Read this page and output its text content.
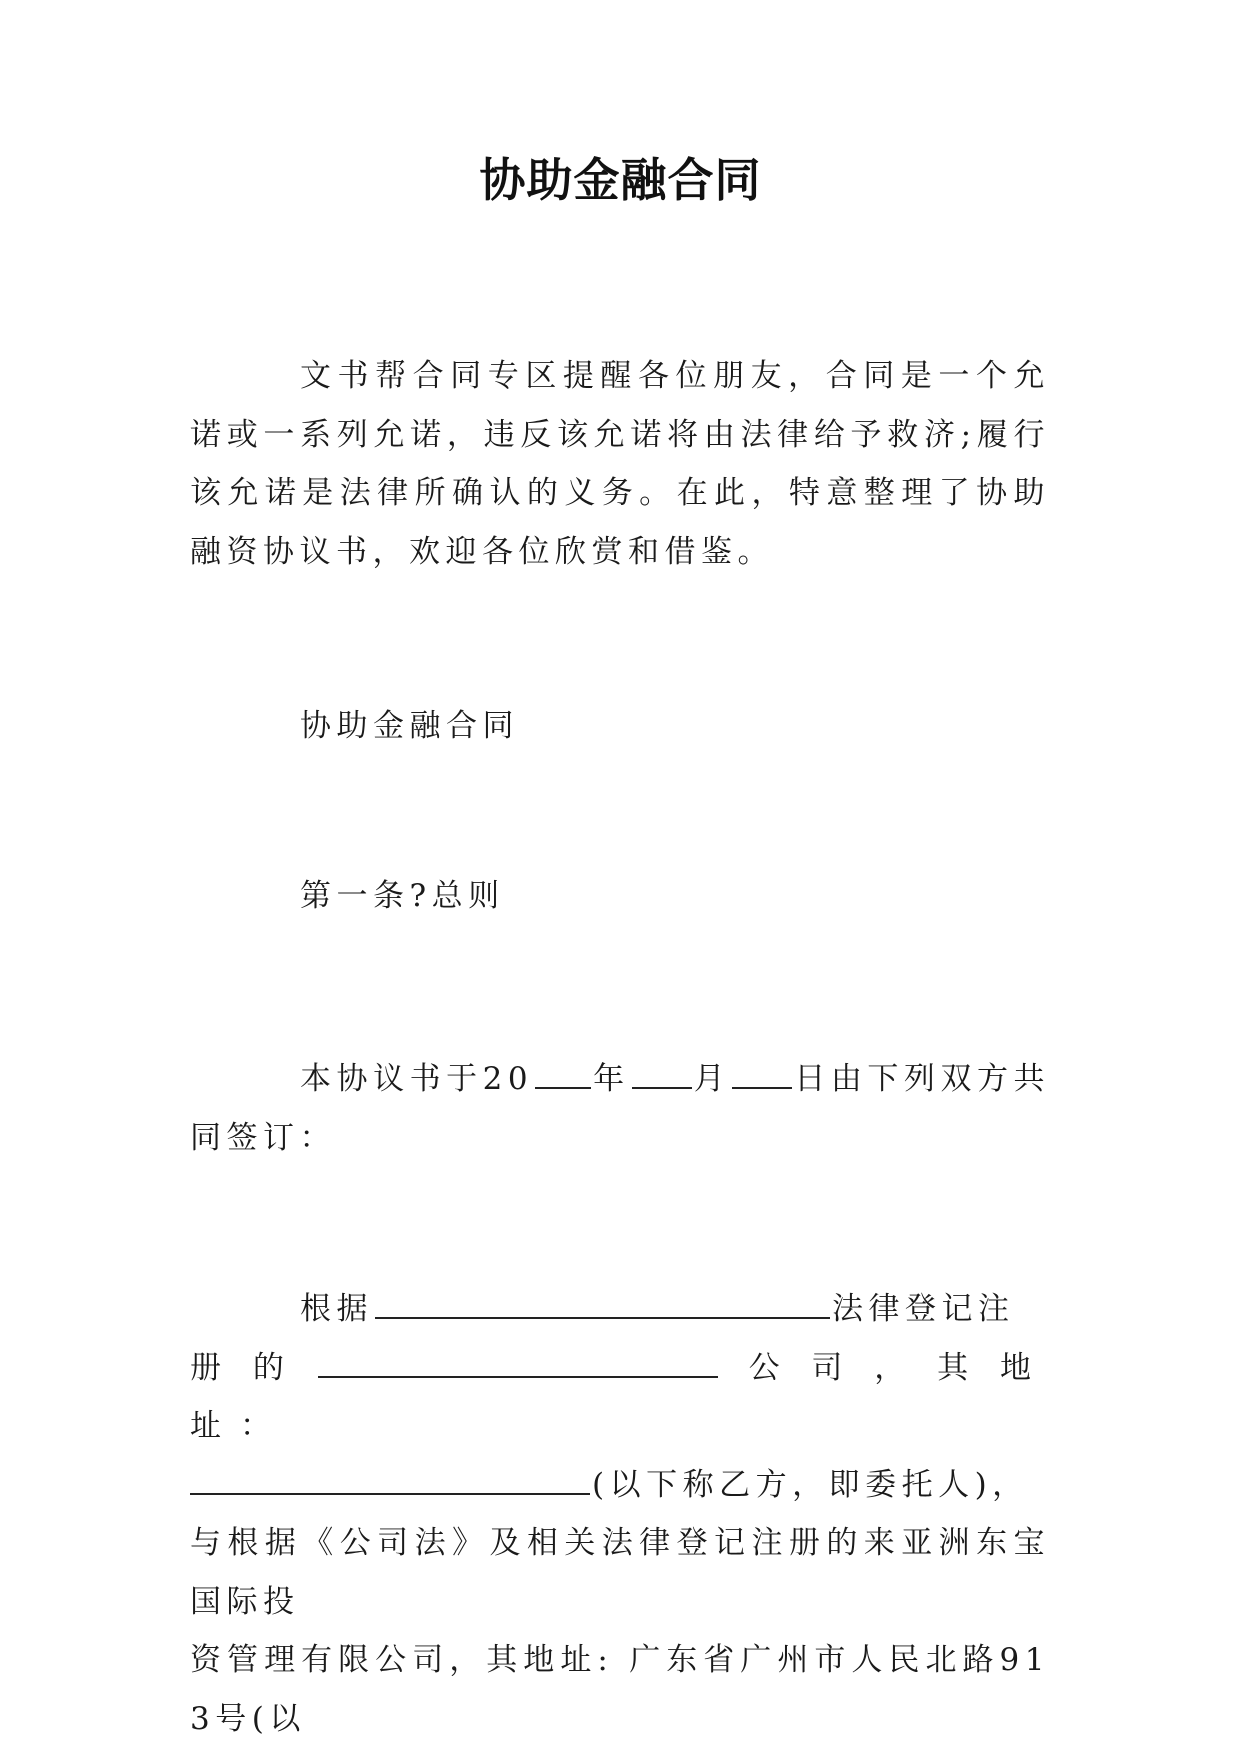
协助金融合同

文书帮合同专区提醒各位朋友，合同是一个允诺或一系列允诺，违反该允诺将由法律给予救济;履行该允诺是法律所确认的义务。在此，特意整理了协助融资协议书，欢迎各位欣赏和借鉴。

协助金融合同

第一条?总则

本协议书于20 年 月 日由下列双方共同签订：

根据	法律登记注
册的	公司，其地址：
(以下称乙方，即委托人)，
与根据《公司法》及相关法律登记注册的来亚洲东宝国际投
资管理有限公司，其地址: 广东省广州市人民北路913号(以
